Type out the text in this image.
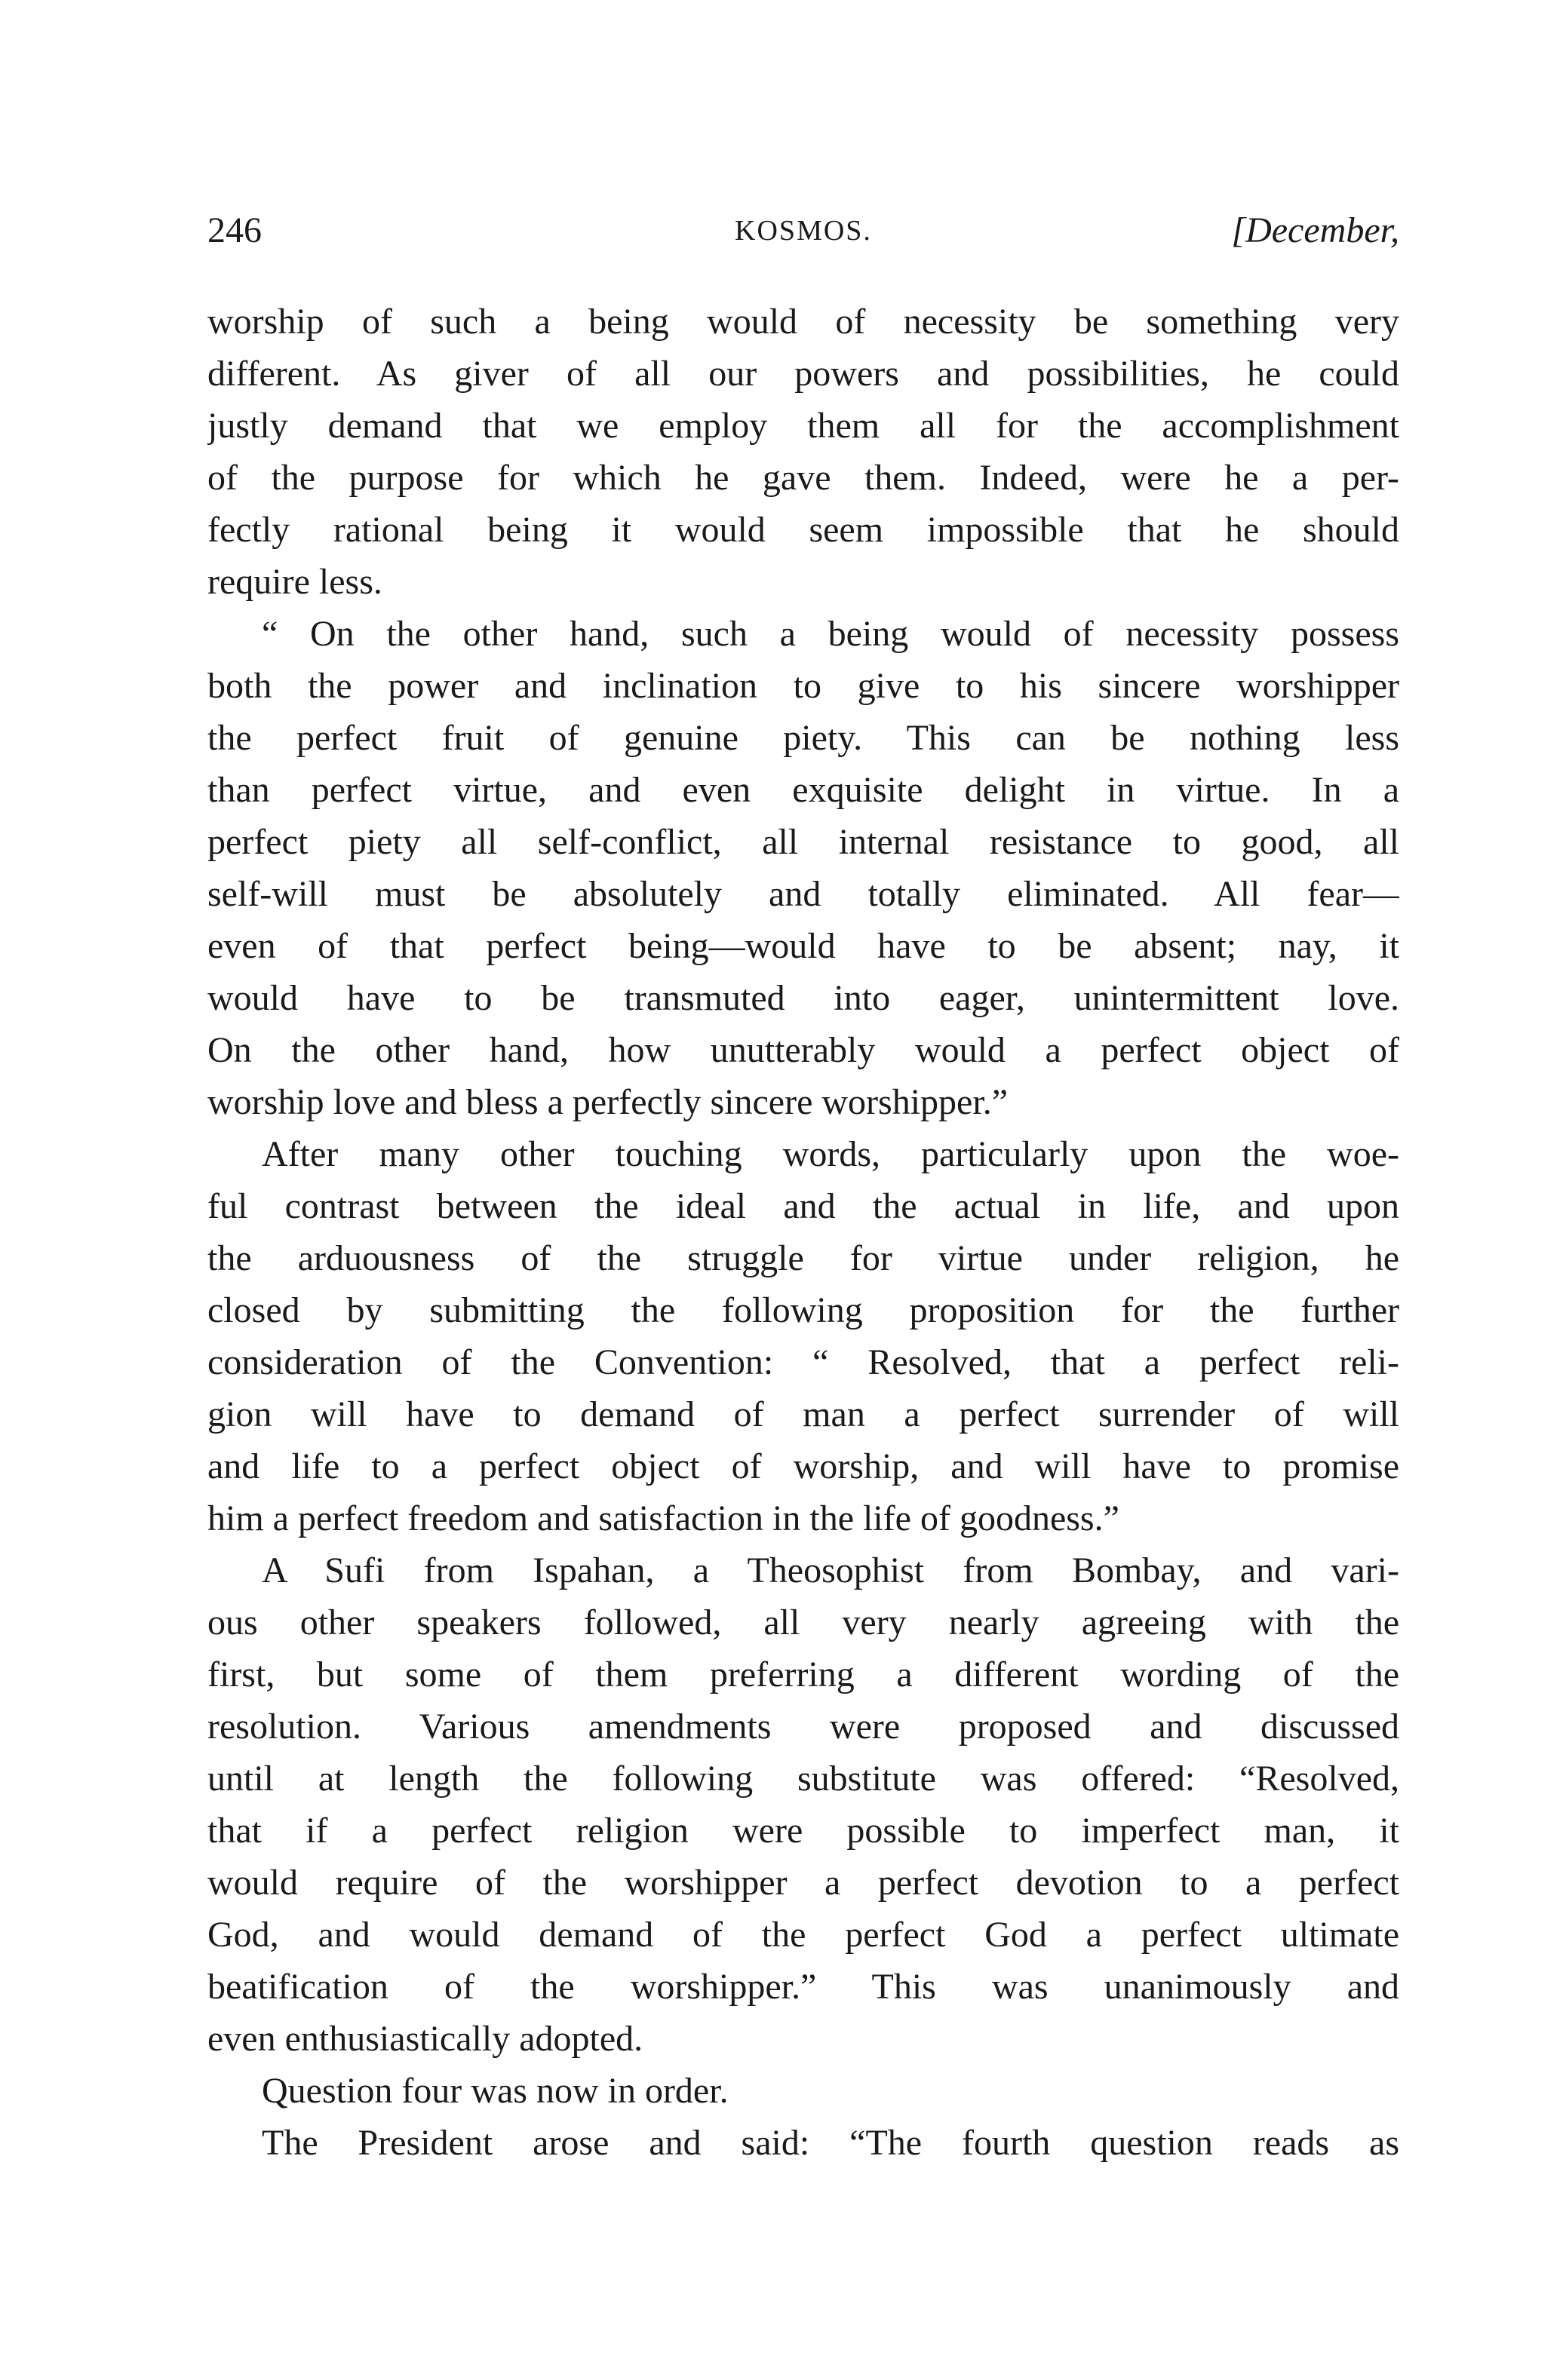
246	KOSMOS.	[December,
worship of such a being would of necessity be something very
different. As giver of all our powers and possibilities, he could
justly demand that we employ them all for the accomplishment
of the purpose for which he gave them. Indeed, were he a per-
fectly rational being it would seem impossible that he should
require less.
“ On the other hand, such a being would of necessity possess
both the power and inclination to give to his sincere worshipper
the perfect fruit of genuine piety. This can be nothing less
than perfect virtue, and even exquisite delight in virtue. In a
perfect piety all self-conflict, all internal resistance to good, all
self-will must be absolutely and totally eliminated. All fear—
even of that perfect being—would have to be absent; nay, it
would have to be transmuted into eager, unintermittent love.
On the other hand, how unutterably would a perfect object of
worship love and bless a perfectly sincere worshipper.”
After many other touching words, particularly upon the woe-
ful contrast between the ideal and the actual in life, and upon
the arduousness of the struggle for virtue under religion, he
closed by submitting the following proposition for the further
consideration of the Convention: “ Resolved, that a perfect reli-
gion will have to demand of man a perfect surrender of will
and life to a perfect object of worship, and will have to promise
him a perfect freedom and satisfaction in the life of goodness.”
A Sufi from Ispahan, a Theosophist from Bombay, and vari-
ous other speakers followed, all very nearly agreeing with the
first, but some of them preferring a different wording of the
resolution. Various amendments were proposed and discussed
until at length the following substitute was offered: “Resolved,
that if a perfect religion were possible to imperfect man, it
would require of the worshipper a perfect devotion to a perfect
God, and would demand of the perfect God a perfect ultimate
beatification of the worshipper.” This was unanimously and
even enthusiastically adopted.
Question four was now in order.
The President arose and said: “The fourth question reads as
